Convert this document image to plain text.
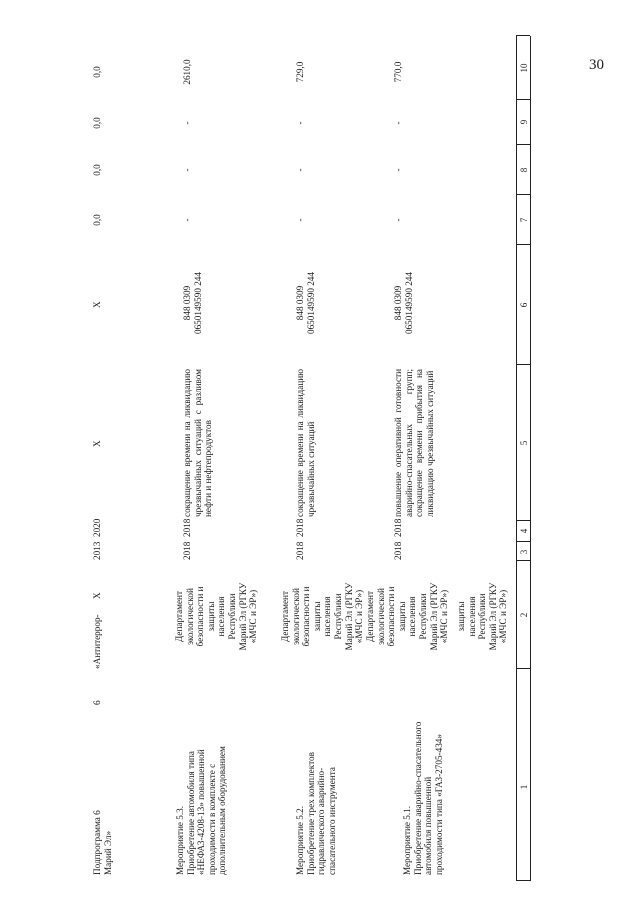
30
1
2
3
4
5
6
7
8
9
10
защиты
населения
Республики
Марий Эл (РГКУ
«МЧС и ЭР»)
Мероприятие 5.1.
Приобретение аварийно-спасательного
автомобиля повышенной
проходимости типа «ГАЗ-2705-434»
Департамент
экологической
безопасности и
защиты
населения
Республики
Марий Эл (РГКУ
«МЧС и ЭР»)
2018
2018
повышение оперативной готовности аварийно-спасательных групп; сокращение времени прибытия на ликвидацию чрезвычайных ситуаций
848 0309
0650149590 244
-
-
-
770,0
Мероприятие 5.2.
Приобретение трех комплектов
гидравлического аварийно-
спасательного инструмента
Департамент
экологической
безопасности и
защиты
населения
Республики
Марий Эл (РГКУ
«МЧС и ЭР»)
2018
2018
сокращение времени на ликвидацию чрезвычайных ситуаций
848 0309
0650149590 244
-
-
-
729,0
Мероприятие 5.3.
Приобретение автомобиля типа
«НЕФАЗ-4208-13» повышенной
проходимости в комплекте с
дополнительным оборудованием
Департамент
экологической
безопасности и
защиты
населения
Республики
Марий Эл (РГКУ
«МЧС и ЭР»)
2018
2018
сокращение времени на ликвидацию чрезвычайных ситуаций с разливом нефти и нефтепродуктов
848 0309
0650149590 244
-
-
-
2610,0
Подпрограмма 6
Марий Эл»
6
«Антитеррор-
X
2013
2020
X
X
0,0
0,0
0,0
0,0
